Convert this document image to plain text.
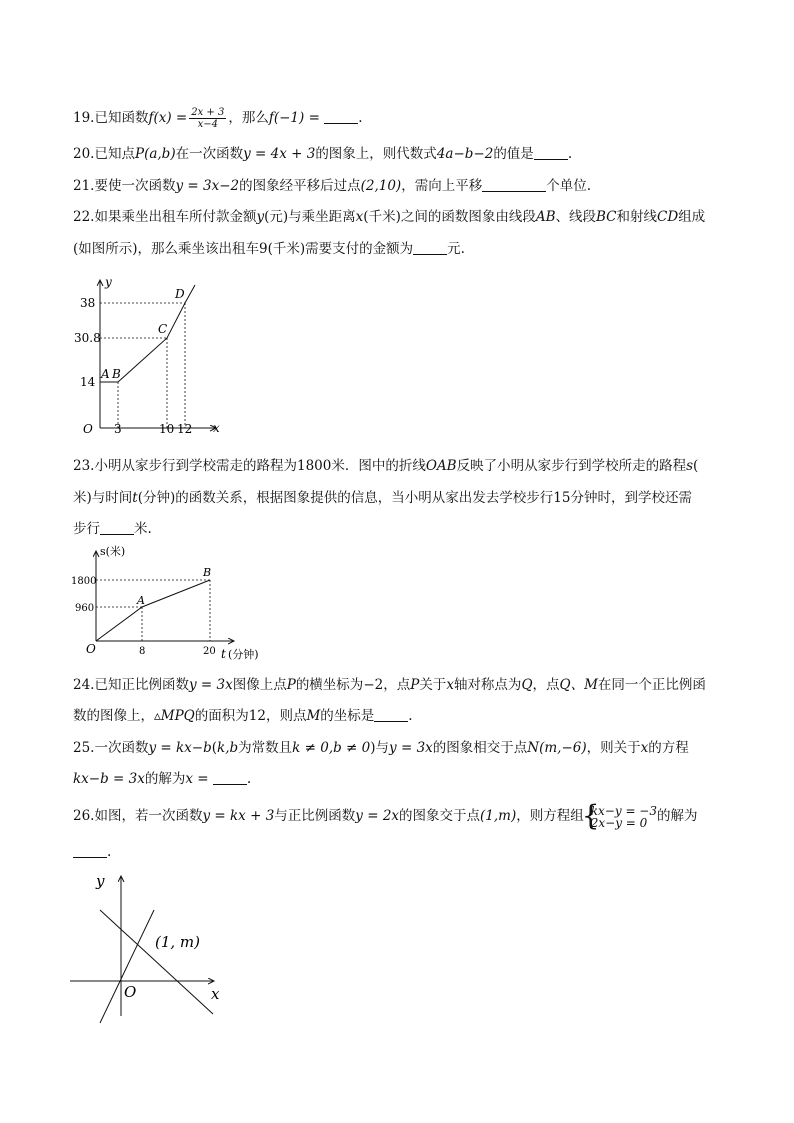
19.已知函数$f(x) = \frac{2x + 3}{x-4}$ ，那么f(−1) =	.
20.已知点P(a,b)在一次函数y = 4x + 3的图象上，则代数式4a−b−2的值是	.
21.要使一次函数y = 3x−2的图象经平移后过点(2,10)，需向上平移	个单位.
22.如果乘坐出租车所付款金额y(元)与乘坐距离x(千米)之间的函数图象由线段AB、线段BC和射线CD组成
(如图所示)，那么乘坐该出租车9(千米)需要支付的金额为	元.
y
x
O
38
30.8
14
3	10 12
A B
C
D
23.小明从家步行到学校需走的路程为1800米．图中的折线OAB反映了小明从家步行到学校所走的路程s(
米)与时间t(分钟)的函数关系，根据图象提供的信息，当小明从家出发去学校步行15分钟时，到学校还需
步行	米.
s(米)
t (分钟)
O
1800
960
8	20
A
B
24.已知正比例函数y = 3x图像上点P的横坐标为−2，点P关于x轴对称点为Q，点Q、M在同一个正比例函
数的图像上，▵MPQ的面积为12，则点M的坐标是	.
25.一次函数y = kx−b(k,b为常数且k ≠ 0,b ≠ 0)与y = 3x的图象相交于点N(m,−6)，则关于x的方程
kx−b = 3x的解为x =	.
26.如图，若一次函数y = kx + 3与正比例函数y = 2x的图象交于点(1,m)，则方程组
{
kx−y = −3
2x−y = 0 的解为
.
y
x
O
(1, m)
